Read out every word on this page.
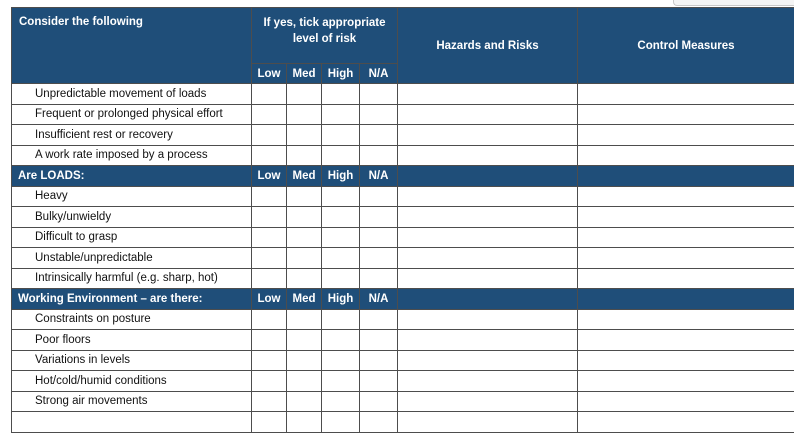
Consider the following	If yes, tick appropriate level of risk				Hazards and Risks	Control Measures
	Low	Med	High	N/A		
Unpredictable movement of loads						
Frequent or prolonged physical effort						
Insufficient rest or recovery						
A work rate imposed by a process						
Are LOADS:	Low	Med	High	N/A		
Heavy						
Bulky/unwieldy						
Difficult to grasp						
Unstable/unpredictable						
Intrinsically harmful (e.g. sharp, hot)						
Working Environment – are there:	Low	Med	High	N/A		
Constraints on posture						
Poor floors						
Variations in levels						
Hot/cold/humid conditions						
Strong air movements						
